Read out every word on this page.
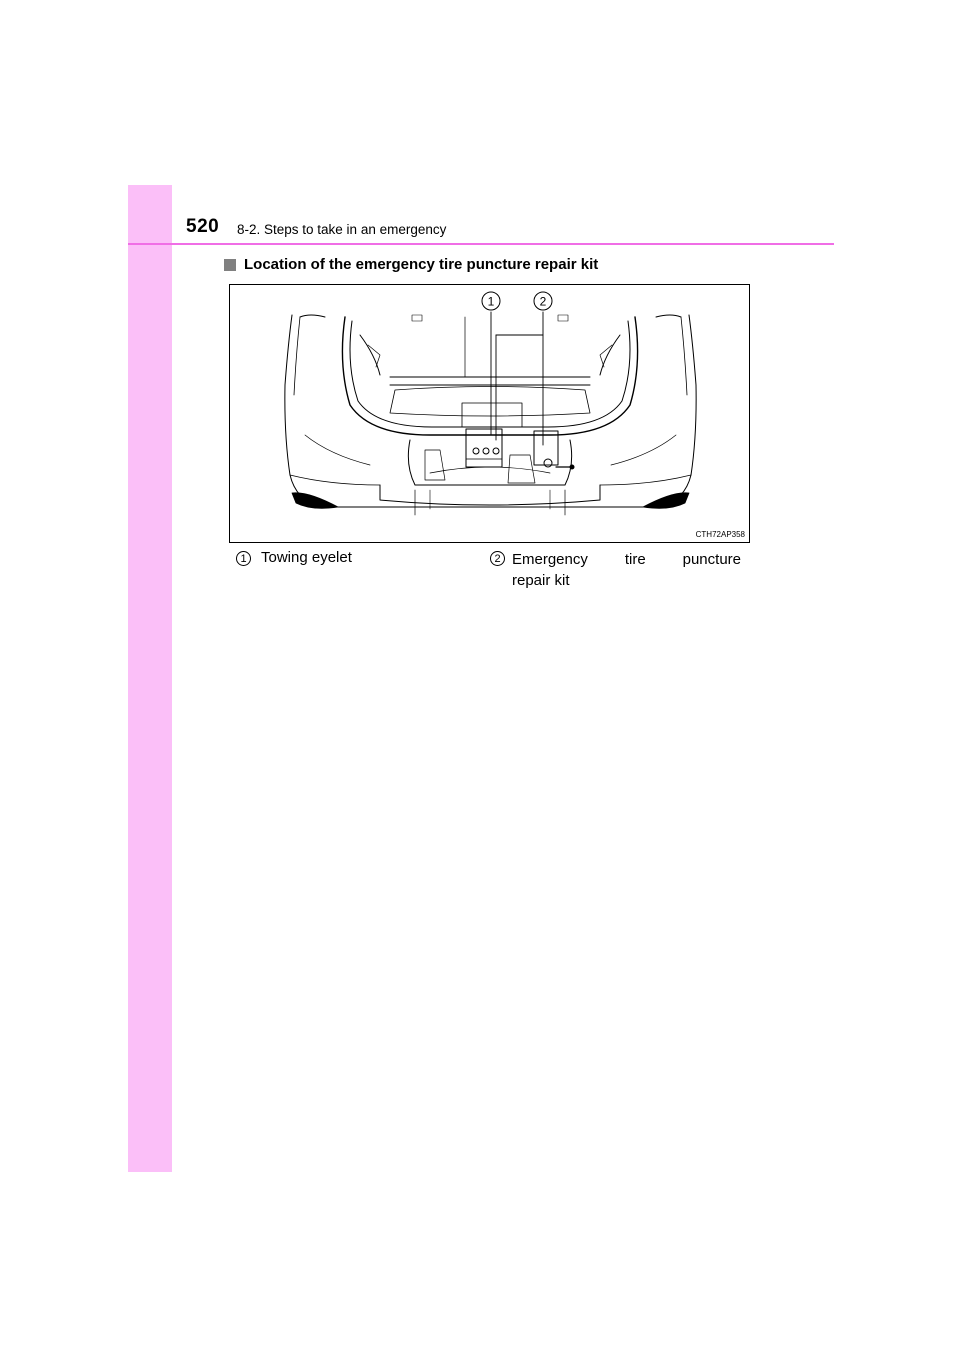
520 8-2. Steps to take in an emergency
Location of the emergency tire puncture repair kit
1	2
CTH72AP358
1 Towing eyelet	2 Emergency tire puncture
repair kit
